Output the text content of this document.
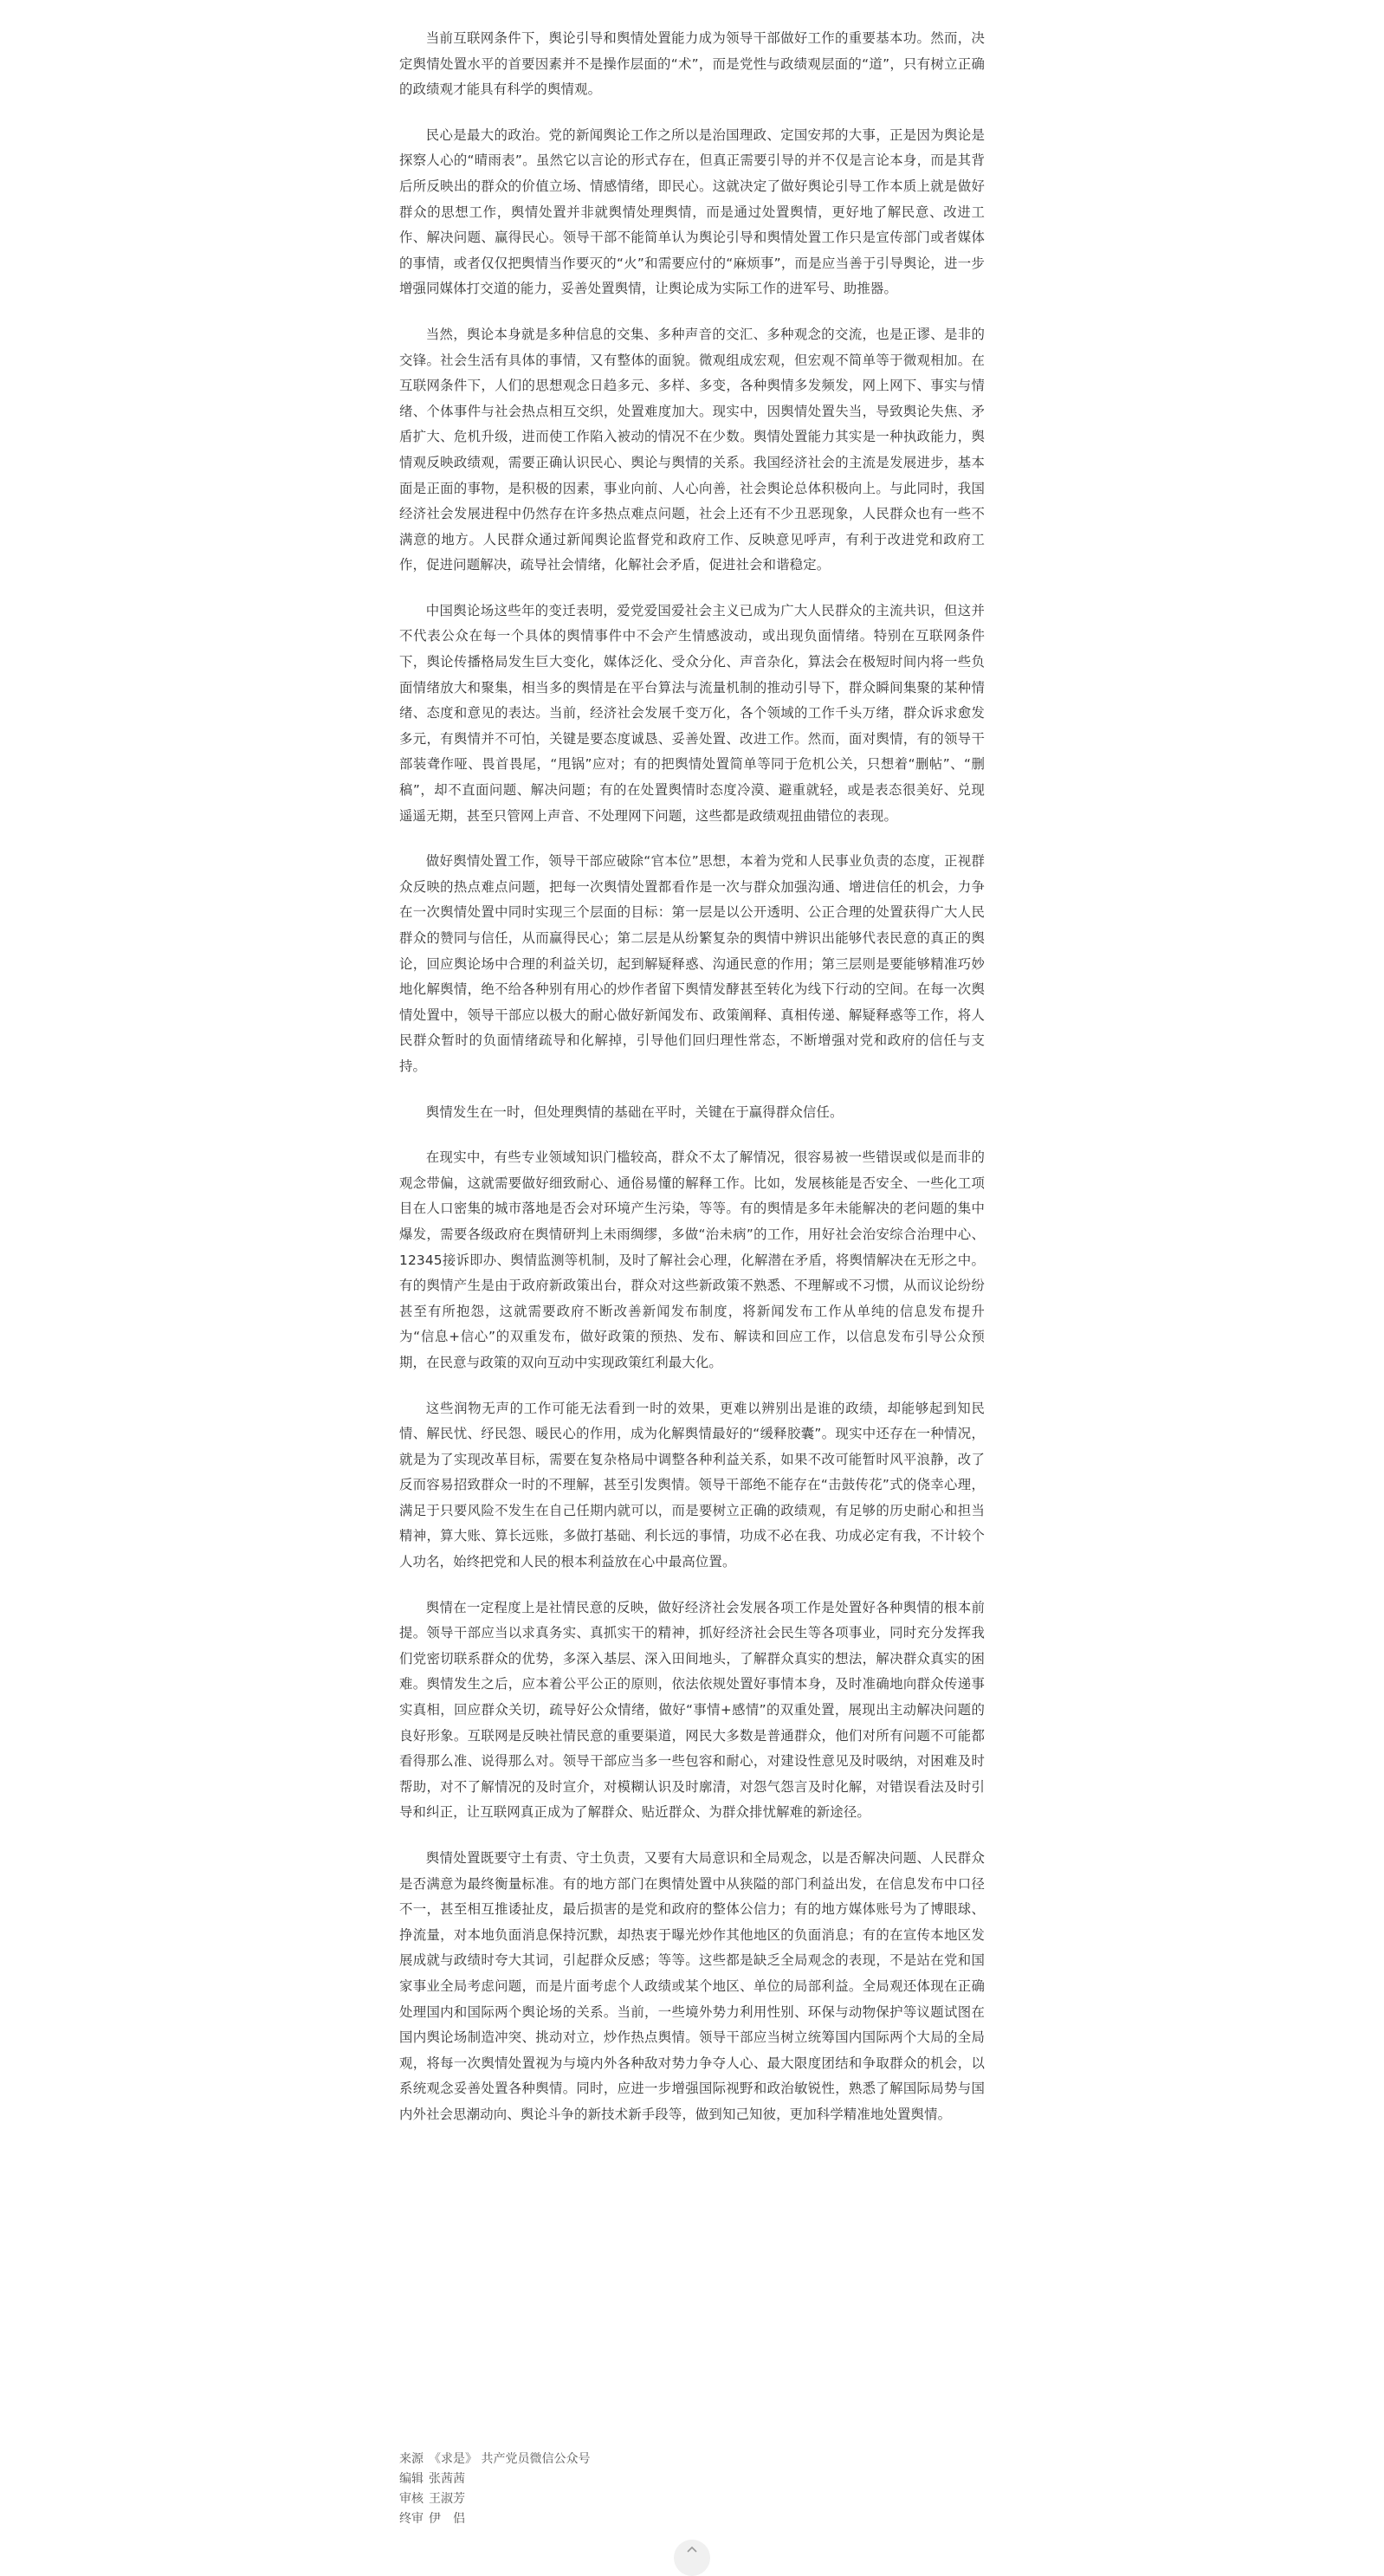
当前互联网条件下，舆论引导和舆情处置能力成为领导干部做好工作的重要基本功。然而，决定舆情处置水平的首要因素并不是操作层面的“术”，而是党性与政绩观层面的“道”，只有树立正确的政绩观才能具有科学的舆情观。

民心是最大的政治。党的新闻舆论工作之所以是治国理政、定国安邦的大事，正是因为舆论是探察人心的“晴雨表”。虽然它以言论的形式存在，但真正需要引导的并不仅是言论本身，而是其背后所反映出的群众的价值立场、情感情绪，即民心。这就决定了做好舆论引导工作本质上就是做好群众的思想工作，舆情处置并非就舆情处理舆情，而是通过处置舆情，更好地了解民意、改进工作、解决问题、赢得民心。领导干部不能简单认为舆论引导和舆情处置工作只是宣传部门或者媒体的事情，或者仅仅把舆情当作要灭的“火”和需要应付的“麻烦事”，而是应当善于引导舆论，进一步增强同媒体打交道的能力，妥善处置舆情，让舆论成为实际工作的进军号、助推器。

当然，舆论本身就是多种信息的交集、多种声音的交汇、多种观念的交流，也是正谬、是非的交锋。社会生活有具体的事情，又有整体的面貌。微观组成宏观，但宏观不简单等于微观相加。在互联网条件下，人们的思想观念日趋多元、多样、多变，各种舆情多发频发，网上网下、事实与情绪、个体事件与社会热点相互交织，处置难度加大。现实中，因舆情处置失当，导致舆论失焦、矛盾扩大、危机升级，进而使工作陷入被动的情况不在少数。舆情处置能力其实是一种执政能力，舆情观反映政绩观，需要正确认识民心、舆论与舆情的关系。我国经济社会的主流是发展进步，基本面是正面的事物，是积极的因素，事业向前、人心向善，社会舆论总体积极向上。与此同时，我国经济社会发展进程中仍然存在许多热点难点问题，社会上还有不少丑恶现象，人民群众也有一些不满意的地方。人民群众通过新闻舆论监督党和政府工作、反映意见呼声，有利于改进党和政府工作，促进问题解决，疏导社会情绪，化解社会矛盾，促进社会和谐稳定。

中国舆论场这些年的变迁表明，爱党爱国爱社会主义已成为广大人民群众的主流共识，但这并不代表公众在每一个具体的舆情事件中不会产生情感波动，或出现负面情绪。特别在互联网条件下，舆论传播格局发生巨大变化，媒体泛化、受众分化、声音杂化，算法会在极短时间内将一些负面情绪放大和聚集，相当多的舆情是在平台算法与流量机制的推动引导下，群众瞬间集聚的某种情绪、态度和意见的表达。当前，经济社会发展千变万化，各个领域的工作千头万绪，群众诉求愈发多元，有舆情并不可怕，关键是要态度诚恳、妥善处置、改进工作。然而，面对舆情，有的领导干部装聋作哑、畏首畏尾，“甩锅”应对；有的把舆情处置简单等同于危机公关，只想着“删帖”、“删稿”，却不直面问题、解决问题；有的在处置舆情时态度冷漠、避重就轻，或是表态很美好、兑现遥遥无期，甚至只管网上声音、不处理网下问题，这些都是政绩观扭曲错位的表现。

做好舆情处置工作，领导干部应破除“官本位”思想，本着为党和人民事业负责的态度，正视群众反映的热点难点问题，把每一次舆情处置都看作是一次与群众加强沟通、增进信任的机会，力争在一次舆情处置中同时实现三个层面的目标：第一层是以公开透明、公正合理的处置获得广大人民群众的赞同与信任，从而赢得民心；第二层是从纷繁复杂的舆情中辨识出能够代表民意的真正的舆论，回应舆论场中合理的利益关切，起到解疑释惑、沟通民意的作用；第三层则是要能够精准巧妙地化解舆情，绝不给各种别有用心的炒作者留下舆情发酵甚至转化为线下行动的空间。在每一次舆情处置中，领导干部应以极大的耐心做好新闻发布、政策阐释、真相传递、解疑释惑等工作，将人民群众暂时的负面情绪疏导和化解掉，引导他们回归理性常态，不断增强对党和政府的信任与支持。

舆情发生在一时，但处理舆情的基础在平时，关键在于赢得群众信任。

在现实中，有些专业领域知识门槛较高，群众不太了解情况，很容易被一些错误或似是而非的观念带偏，这就需要做好细致耐心、通俗易懂的解释工作。比如，发展核能是否安全、一些化工项目在人口密集的城市落地是否会对环境产生污染，等等。有的舆情是多年未能解决的老问题的集中爆发，需要各级政府在舆情研判上未雨绸缪，多做“治未病”的工作，用好社会治安综合治理中心、12345接诉即办、舆情监测等机制，及时了解社会心理，化解潜在矛盾，将舆情解决在无形之中。有的舆情产生是由于政府新政策出台，群众对这些新政策不熟悉、不理解或不习惯，从而议论纷纷甚至有所抱怨，这就需要政府不断改善新闻发布制度，将新闻发布工作从单纯的信息发布提升为“信息+信心”的双重发布，做好政策的预热、发布、解读和回应工作，以信息发布引导公众预期，在民意与政策的双向互动中实现政策红利最大化。

这些润物无声的工作可能无法看到一时的效果，更难以辨别出是谁的政绩，却能够起到知民情、解民忧、纾民怨、暖民心的作用，成为化解舆情最好的“缓释胶囊”。现实中还存在一种情况，就是为了实现改革目标，需要在复杂格局中调整各种利益关系，如果不改可能暂时风平浪静，改了反而容易招致群众一时的不理解，甚至引发舆情。领导干部绝不能存在“击鼓传花”式的侥幸心理，满足于只要风险不发生在自己任期内就可以，而是要树立正确的政绩观，有足够的历史耐心和担当精神，算大账、算长远账，多做打基础、利长远的事情，功成不必在我、功成必定有我，不计较个人功名，始终把党和人民的根本利益放在心中最高位置。

舆情在一定程度上是社情民意的反映，做好经济社会发展各项工作是处置好各种舆情的根本前提。领导干部应当以求真务实、真抓实干的精神，抓好经济社会民生等各项事业，同时充分发挥我们党密切联系群众的优势，多深入基层、深入田间地头，了解群众真实的想法，解决群众真实的困难。舆情发生之后，应本着公平公正的原则，依法依规处置好事情本身，及时准确地向群众传递事实真相，回应群众关切，疏导好公众情绪，做好“事情+感情”的双重处置，展现出主动解决问题的良好形象。互联网是反映社情民意的重要渠道，网民大多数是普通群众，他们对所有问题不可能都看得那么准、说得那么对。领导干部应当多一些包容和耐心，对建设性意见及时吸纳，对困难及时帮助，对不了解情况的及时宣介，对模糊认识及时廓清，对怨气怨言及时化解，对错误看法及时引导和纠正，让互联网真正成为了解群众、贴近群众、为群众排忧解难的新途径。

舆情处置既要守土有责、守土负责，又要有大局意识和全局观念，以是否解决问题、人民群众是否满意为最终衡量标准。有的地方部门在舆情处置中从狭隘的部门利益出发，在信息发布中口径不一，甚至相互推诿扯皮，最后损害的是党和政府的整体公信力；有的地方媒体账号为了博眼球、挣流量，对本地负面消息保持沉默，却热衷于曝光炒作其他地区的负面消息；有的在宣传本地区发展成就与政绩时夸大其词，引起群众反感；等等。这些都是缺乏全局观念的表现，不是站在党和国家事业全局考虑问题，而是片面考虑个人政绩或某个地区、单位的局部利益。全局观还体现在正确处理国内和国际两个舆论场的关系。当前，一些境外势力利用性别、环保与动物保护等议题试图在国内舆论场制造冲突、挑动对立，炒作热点舆情。领导干部应当树立统筹国内国际两个大局的全局观，将每一次舆情处置视为与境内外各种敌对势力争夺人心、最大限度团结和争取群众的机会，以系统观念妥善处置各种舆情。同时，应进一步增强国际视野和政治敏锐性，熟悉了解国际局势与国内外社会思潮动向、舆论斗争的新技术新手段等，做到知己知彼，更加科学精准地处置舆情。

来源 《求是》 共产党员微信公众号
编辑 张茜茜
审核 王淑芳
终审 伊　侣
